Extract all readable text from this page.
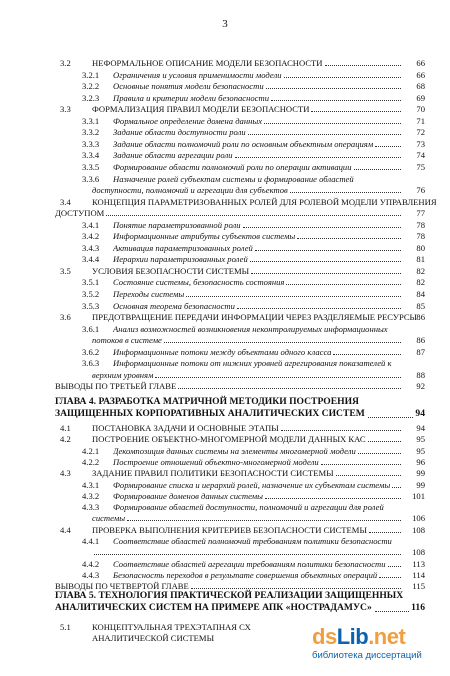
3
3.2 НЕФОРМАЛЬНОЕ ОПИСАНИЕ МОДЕЛИ БЕЗОПАСНОСТИ	66
3.2.1 Ограничения и условия применимости модели	66
3.2.2 Основные понятия модели безопасности	68
3.2.3 Правила и критерии модели безопасности	69
3.3 ФОРМАЛИЗАЦИЯ ПРАВИЛ МОДЕЛИ БЕЗОПАСНОСТИ	70
3.3.1 Формальное определение домена данных	71
3.3.2 Задание области доступности роли	72
3.3.3 Задание области полномочий роли по основным объектным операциям	73
3.3.4 Задание области агрегации роли	74
3.3.5 Формирование области полномочий роли по операции активации	75
3.3.6 Назначение ролей субъектам системы и формирование областей
доступности, полномочий и агрегации для субъектов	76
3.4 КОНЦЕПЦИЯ ПАРАМЕТРИЗОВАННЫХ РОЛЕЙ ДЛЯ РОЛЕВОЙ МОДЕЛИ УПРАВЛЕНИЯ
ДОСТУПОМ	77
3.4.1 Понятие параметризованной роли	78
3.4.2 Информационные атрибуты субъектов системы	78
3.4.3 Активация параметризованных ролей	80
3.4.4 Иерархии параметризованных ролей	81
3.5 УСЛОВИЯ БЕЗОПАСНОСТИ СИСТЕМЫ	82
3.5.1 Состояние системы, безопасность состояния	82
3.5.2 Переходы системы	84
3.5.3 Основная теорема безопасности	85
3.6 ПРЕДОТВРАЩЕНИЕ ПЕРЕДАЧИ ИНФОРМАЦИИ ЧЕРЕЗ РАЗДЕЛЯЕМЫЕ РЕСУРСЫ 86
3.6.1 Анализ возможностей возникновения неконтролируемых информационных
потоков в системе	86
3.6.2 Информационные потоки между объектами одного класса	87
3.6.3 Информационные потоки от нижних уровней агрегирования показателей к
верхним уровням	88
ВЫВОДЫ ПО ТРЕТЬЕЙ ГЛАВЕ	92
ГЛАВА 4. РАЗРАБОТКА МАТРИЧНОЙ МЕТОДИКИ ПОСТРОЕНИЯ
ЗАЩИЩЕННЫХ КОРПОРАТИВНЫХ АНАЛИТИЧЕСКИХ СИСТЕМ	94
4.1 ПОСТАНОВКА ЗАДАЧИ И ОСНОВНЫЕ ЭТАПЫ	94
4.2 ПОСТРОЕНИЕ ОБЪЕКТНО-МНОГОМЕРНОЙ МОДЕЛИ ДАННЫХ КАС	95
4.2.1 Декомпозиция данных системы на элементы многомерной модели	95
4.2.2 Построение отношений объектно-многомерной модели	96
4.3 ЗАДАНИЕ ПРАВИЛ ПОЛИТИКИ БЕЗОПАСНОСТИ СИСТЕМЫ	99
4.3.1 Формирование списка и иерархий ролей, назначение их субъектам системы	99
4.3.2 Формирование доменов данных системы	101
4.3.3 Формирование областей доступности, полномочий и агрегации для ролей
системы	106
4.4 ПРОВЕРКА ВЫПОЛНЕНИЯ КРИТЕРИЕВ БЕЗОПАСНОСТИ СИСТЕМЫ	108
4.4.1 Соответствие областей полномочий требованиям политики безопасности
108
4.4.2 Соответствие областей агрегации требованиям политики безопасности	113
4.4.3 Безопасность переходов в результате совершения объектных операций	114
ВЫВОДЫ ПО ЧЕТВЕРТОЙ ГЛАВЕ	115
ГЛАВА 5. ТЕХНОЛОГИЯ ПРАКТИЧЕСКОЙ РЕАЛИЗАЦИИ ЗАЩИЩЕННЫХ
АНАЛИТИЧЕСКИХ СИСТЕМ НА ПРИМЕРЕ АПК «НОСТРАДАМУС»	116
5.1 КОНЦЕПТУАЛЬНАЯ ТРЕХЭТАПНАЯ СХ
АНАЛИТИЧЕСКОЙ СИСТЕМЫ	dsLib.net
библиотека диссертаций
